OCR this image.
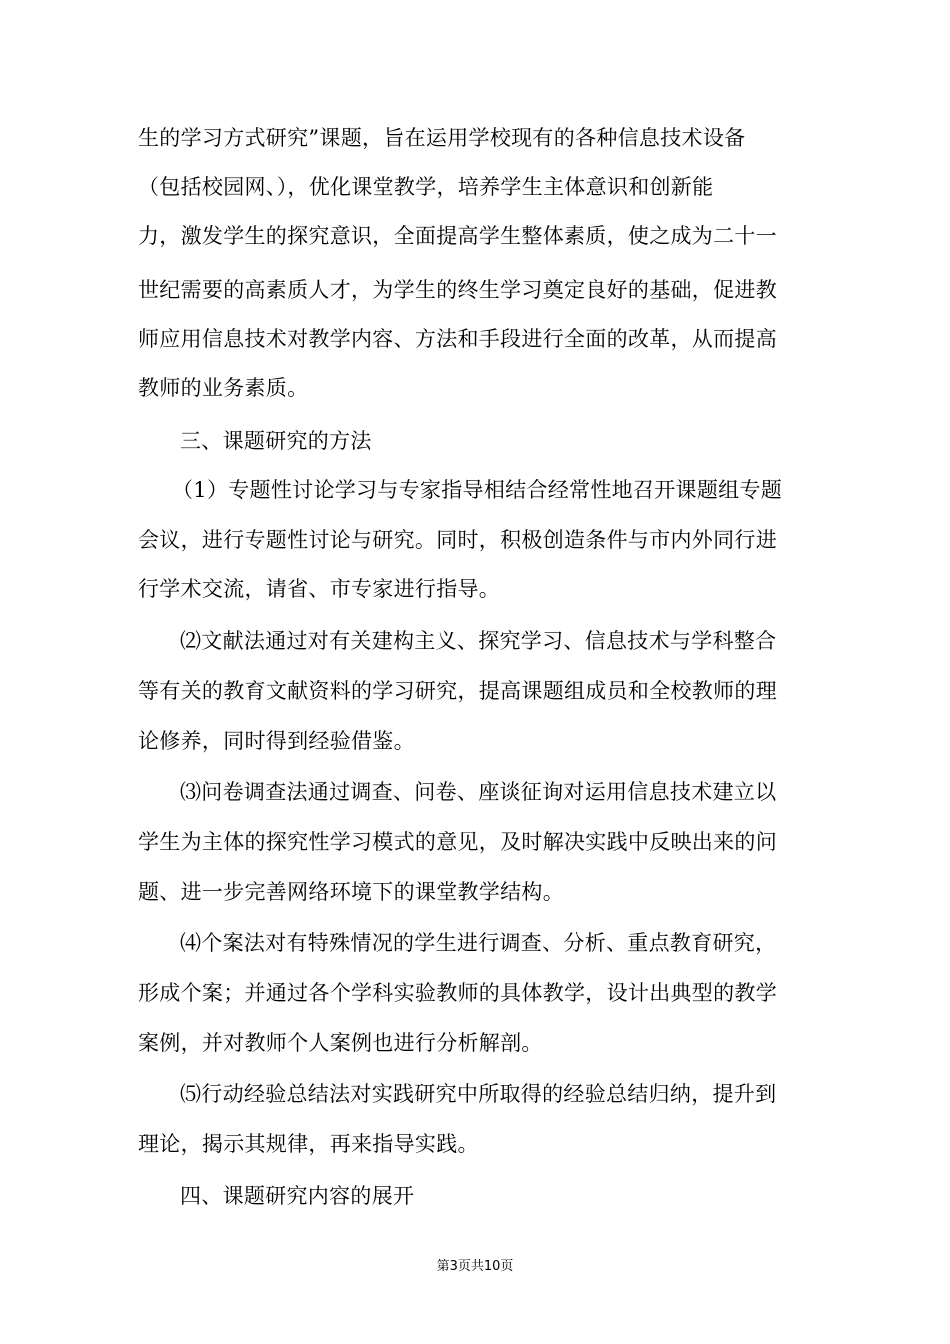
生的学习方式研究”课题，旨在运用学校现有的各种信息技术设备
（包括校园网、），优化课堂教学，培养学生主体意识和创新能
力，激发学生的探究意识，全面提高学生整体素质，使之成为二十一
世纪需要的高素质人才，为学生的终生学习奠定良好的基础，促进教
师应用信息技术对教学内容、方法和手段进行全面的改革，从而提高
教师的业务素质。
三、课题研究的方法
（1）专题性讨论学习与专家指导相结合经常性地召开课题组专题
会议，进行专题性讨论与研究。同时，积极创造条件与市内外同行进
行学术交流，请省、市专家进行指导。
⑵文献法通过对有关建构主义、探究学习、信息技术与学科整合
等有关的教育文献资料的学习研究，提高课题组成员和全校教师的理
论修养，同时得到经验借鉴。
⑶问卷调查法通过调查、问卷、座谈征询对运用信息技术建立以
学生为主体的探究性学习模式的意见，及时解决实践中反映出来的问
题、进一步完善网络环境下的课堂教学结构。
⑷个案法对有特殊情况的学生进行调查、分析、重点教育研究，
形成个案；并通过各个学科实验教师的具体教学，设计出典型的教学
案例，并对教师个人案例也进行分析解剖。
⑸行动经验总结法对实践研究中所取得的经验总结归纳，提升到
理论，揭示其规律，再来指导实践。
四、课题研究内容的展开
第3页共10页
